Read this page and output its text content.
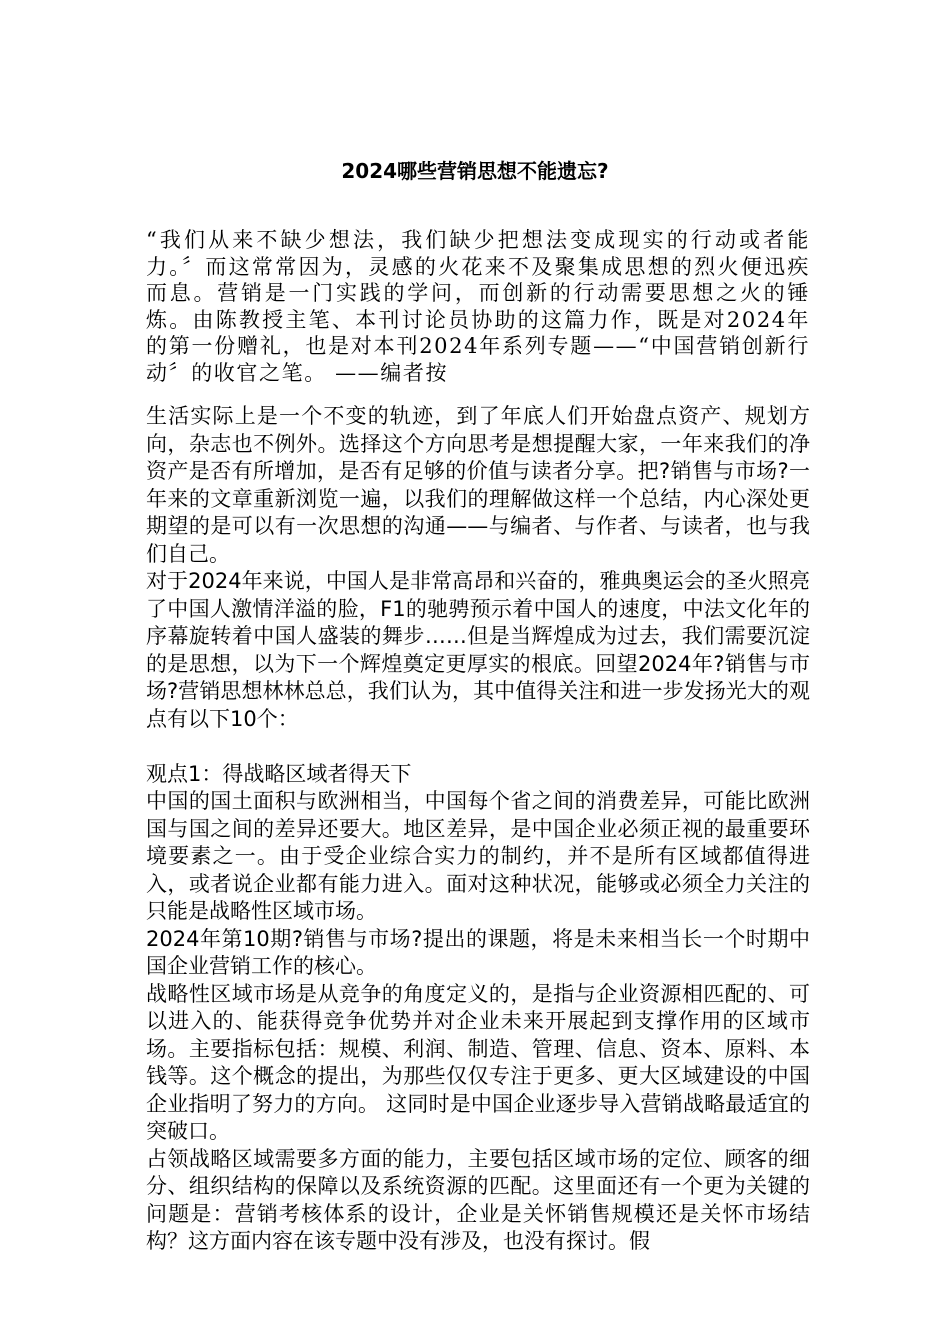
2024哪些营销思想不能遗忘?

“我们从来不缺少想法，我们缺少把想法变成现实的行动或者能力。〞而这常常因为，灵感的火花来不及聚集成思想的烈火便迅疾而息。营销是一门实践的学问，而创新的行动需要思想之火的锤炼。由陈教授主笔、本刊讨论员协助的这篇力作，既是对2024年的第一份赠礼，也是对本刊2024年系列专题——“中国营销创新行动〞的收官之笔。 ——编者按

生活实际上是一个不变的轨迹，到了年底人们开始盘点资产、规划方向，杂志也不例外。选择这个方向思考是想提醒大家，一年来我们的净资产是否有所增加，是否有足够的价值与读者分享。把?销售与市场?一年来的文章重新浏览一遍，以我们的理解做这样一个总结，内心深处更期望的是可以有一次思想的沟通——与编者、与作者、与读者，也与我们自己。

对于2024年来说，中国人是非常高昂和兴奋的，雅典奥运会的圣火照亮了中国人激情洋溢的脸，F1的驰骋预示着中国人的速度，中法文化年的序幕旋转着中国人盛装的舞步……但是当辉煌成为过去，我们需要沉淀的是思想，以为下一个辉煌奠定更厚实的根底。回望2024年?销售与市场?营销思想林林总总，我们认为，其中值得关注和进一步发扬光大的观点有以下10个：

观点1：得战略区域者得天下

中国的国土面积与欧洲相当，中国每个省之间的消费差异，可能比欧洲国与国之间的差异还要大。地区差异，是中国企业必须正视的最重要环境要素之一。由于受企业综合实力的制约，并不是所有区域都值得进入，或者说企业都有能力进入。面对这种状况，能够或必须全力关注的只能是战略性区域市场。

2024年第10期?销售与市场?提出的课题，将是未来相当长一个时期中国企业营销工作的核心。

战略性区域市场是从竞争的角度定义的，是指与企业资源相匹配的、可以进入的、能获得竞争优势并对企业未来开展起到支撑作用的区域市场。主要指标包括：规模、利润、制造、管理、信息、资本、原料、本钱等。这个概念的提出，为那些仅仅专注于更多、更大区域建设的中国企业指明了努力的方向。 这同时是中国企业逐步导入营销战略最适宜的突破口。

占领战略区域需要多方面的能力，主要包括区域市场的定位、顾客的细分、组织结构的保障以及系统资源的匹配。这里面还有一个更为关键的问题是：营销考核体系的设计，企业是关怀销售规模还是关怀市场结构？这方面内容在该专题中没有涉及，也没有探讨。假
